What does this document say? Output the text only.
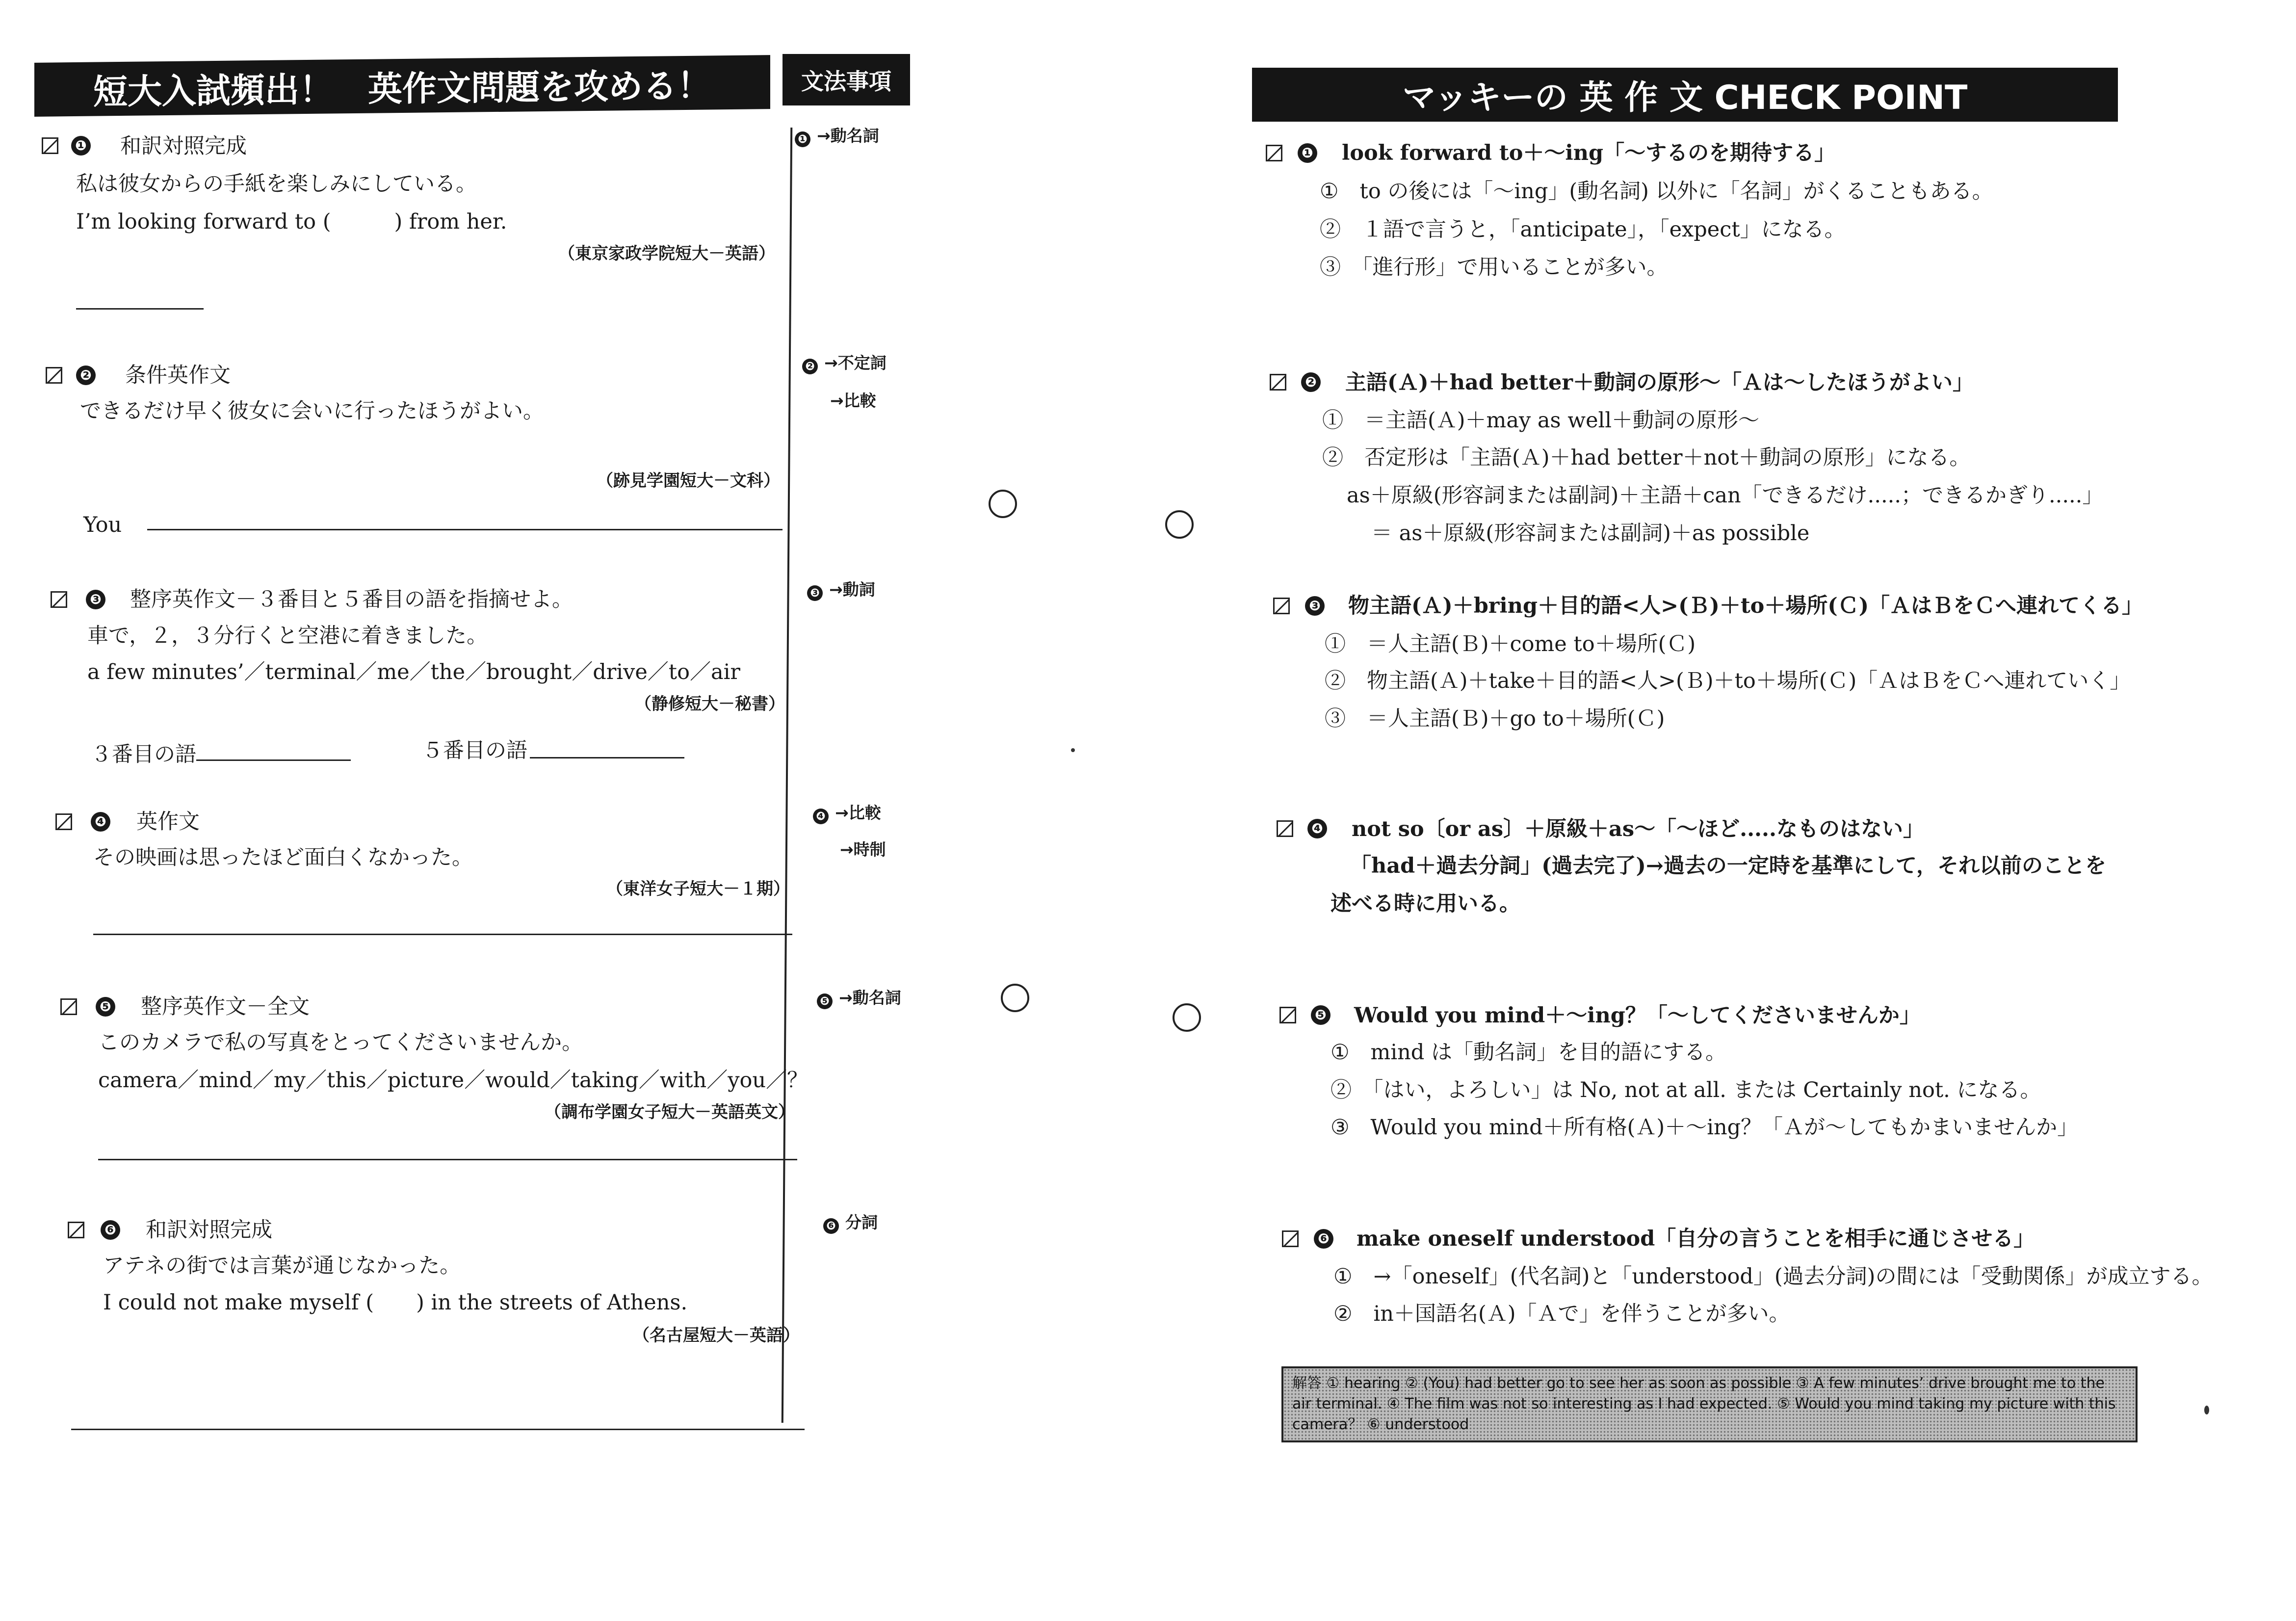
短大入試頻出！　英作文問題を攻める！	文法事項
❶ 和訳対照完成
私は彼女からの手紙を楽しみにしている。
I’m looking forward to (　　　) from her.
（東京家政学院短大－英語）
❷ 条件英作文
できるだけ早く彼女に会いに行ったほうがよい。
（跡見学園短大－文科）
You
❸ 整序英作文－３番目と５番目の語を指摘せよ。
車で，２，３分行くと空港に着きました。
a few minutes’／terminal／me／the／brought／drive／to／air
（静修短大－秘書）
３番目の語	５番目の語
❹ 英作文
その映画は思ったほど面白くなかった。
（東洋女子短大－１期）
❺ 整序英作文－全文
このカメラで私の写真をとってくださいませんか。
camera／mind／my／this／picture／would／taking／with／you／？
（調布学園女子短大－英語英文）
❻ 和訳対照完成
アテネの街では言葉が通じなかった。
I could not make myself (　　) in the streets of Athens.
（名古屋短大－英語）
❶ →動名詞
❷ →不定詞
→比較
❸ →動詞
❹ →比較
→時制
❺ →動名詞
❻ 分詞
マッキーの 英 作 文 CHECK POINT
❶ look forward to＋～ing「～するのを期待する」
①　to の後には「～ing」(動名詞) 以外に「名詞」がくることもある。
②　１語で言うと，「anticipate」，「expect」になる。
③　「進行形」で用いることが多い。
❷ 主語(Ａ)＋had better＋動詞の原形～「Ａは～したほうがよい」
①　＝主語(Ａ)＋may as well＋動詞の原形～
②　否定形は「主語(Ａ)＋had better＋not＋動詞の原形」になる。
as＋原級(形容詞または副詞)＋主語＋can「できるだけ.....；できるかぎり.....」
＝ as＋原級(形容詞または副詞)＋as possible
❸ 物主語(Ａ)＋bring＋目的語<人>(Ｂ)＋to＋場所(Ｃ)「ＡはＢをＣへ連れてくる」
①　＝人主語(Ｂ)＋come to＋場所(Ｃ)
②　物主語(Ａ)＋take＋目的語<人>(Ｂ)＋to＋場所(Ｃ)「ＡはＢをＣへ連れていく」
③　＝人主語(Ｂ)＋go to＋場所(Ｃ)
❹ not so〔or as〕＋原級＋as～「～ほど.....なものはない」
「had＋過去分詞」(過去完了)→過去の一定時を基準にして，それ以前のことを
述べる時に用いる。
❺ Would you mind＋～ing？「～してくださいませんか」
①　mind は「動名詞」を目的語にする。
②　「はい，よろしい」は No, not at all. または Certainly not. になる。
③　Would you mind＋所有格(Ａ)＋～ing？「Ａが～してもかまいませんか」
❻ make oneself understood「自分の言うことを相手に通じさせる」
①　→「oneself」(代名詞)と「understood」(過去分詞)の間には「受動関係」が成立する。
②　in＋国語名(Ａ)「Ａで」を伴うことが多い。
解答 ① hearing ② (You) had better go to see her as soon as possible ③ A few minutes’ drive brought me to the air terminal. ④ The film was not so interesting as I had expected. ⑤ Would you mind taking my picture with this camera？ ⑥ understood
